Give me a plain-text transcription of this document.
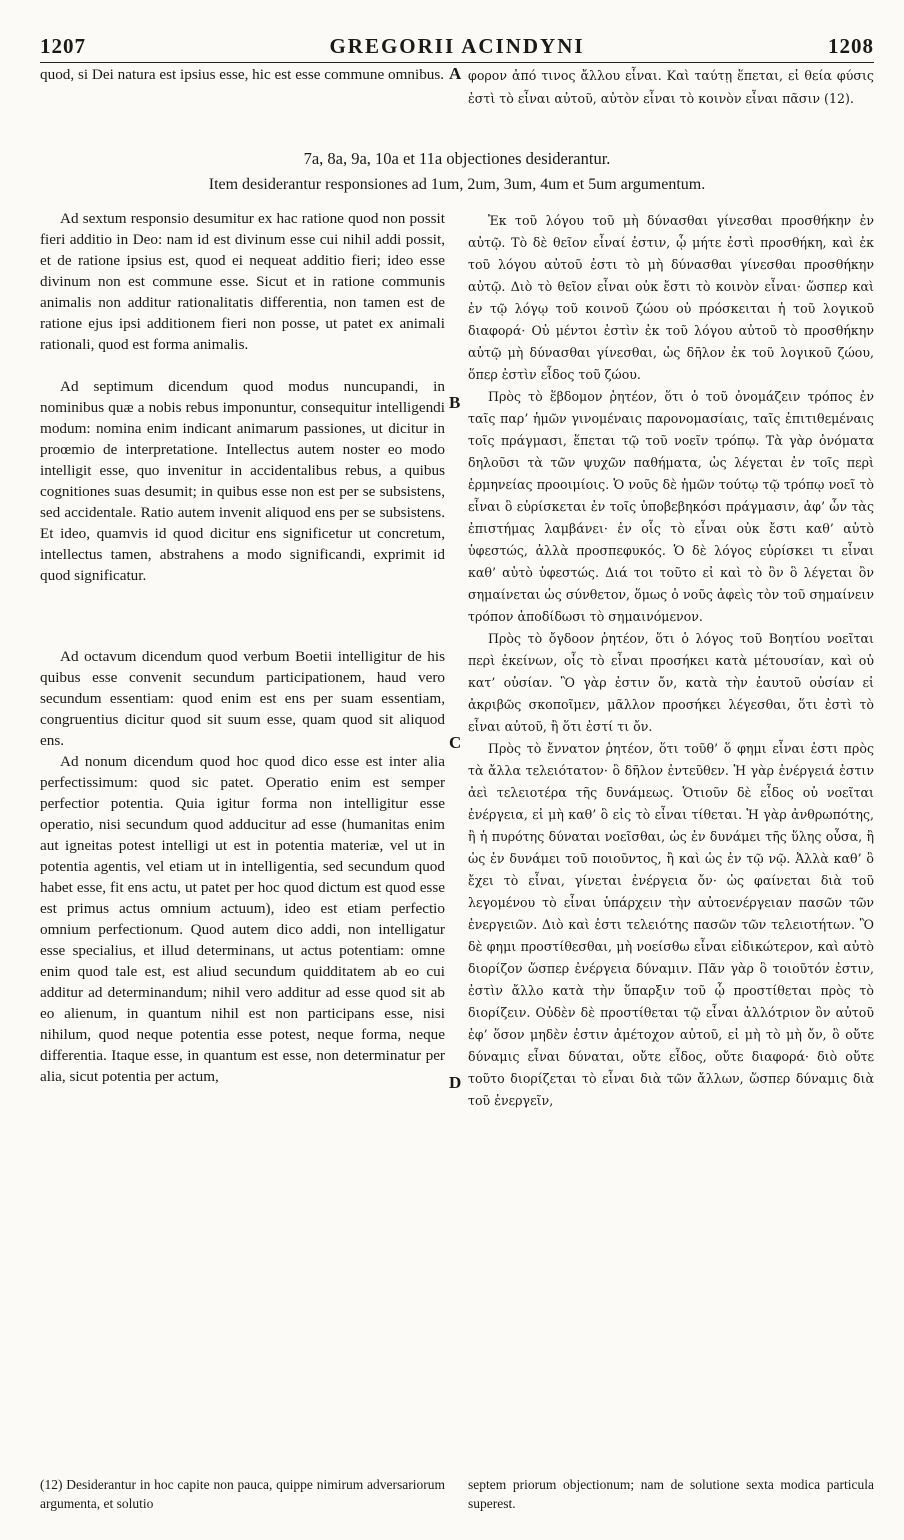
1207	GREGORII ACINDYNI	1208

quod, si Dei natura est ipsius esse, hic est esse commune omnibus. φορον ἀπό τινος ἄλλου εἶναι. Καὶ ταύτῃ ἕπεται, εἰ θεία φύσις ἐστὶ τὸ εἶναι αὐτοῦ, αὐτὸν εἶναι τὸ κοινὸν εἶναι πᾶσιν (12).

A
7a, 8a, 9a, 10a et 11a objectiones desiderantur.
Item desiderantur responsiones ad 1um, 2um, 3um, 4um et 5um argumentum.

Ad sextum responsio desumitur ex hac ratione quod non possit fieri additio in Deo: nam id est divinum esse cui nihil addi possit, et de ratione ipsius est, quod ei nequeat additio fieri; ideo esse divinum non est commune esse. Sicut et in ratione communis animalis non additur rationalitatis differentia, non tamen est de ratione ejus ipsi additionem fieri non posse, ut patet ex animali rationali, quod est forma animalis.

Ad septimum dicendum quod modus nuncupandi, in nominibus quæ a nobis rebus imponuntur, consequitur intelligendi modum: nomina enim indicant animarum passiones, ut dicitur in proœmio de interpretatione. Intellectus autem noster eo modo intelligit esse, quo invenitur in accidentalibus rebus, a quibus cognitiones suas desumit; in quibus esse non est per se subsistens, sed accidentale. Ratio autem invenit aliquod ens per se subsistens. Et ideo, quamvis id quod dicitur ens significetur ut concretum, intellectus tamen, abstrahens a modo significandi, exprimit id quod significatur.

Ad octavum dicendum quod verbum Boetii intelligitur de his quibus esse convenit secundum participationem, haud vero secundum essentiam: quod enim est ens per suam essentiam, congruentius dicitur quod sit suum esse, quam quod sit aliquod ens.

Ad nonum dicendum quod hoc quod dico esse est inter alia perfectissimum: quod sic patet. Operatio enim est semper perfectior potentia. Quia igitur forma non intelligitur esse operatio, nisi secundum quod adducitur ad esse (humanitas enim aut igneitas potest intelligi ut est in potentia materiæ, vel ut in potentia agentis, vel etiam ut in intelligentia, sed secundum quod habet esse, fit ens actu, ut patet per hoc quod dictum est quod esse est primus actus omnium actuum), ideo est etiam perfectio omnium perfectionum. Quod autem dico addi, non intelligatur esse specialius, et illud determinans, ut actus potentiam: omne enim quod tale est, est aliud secundum quidditatem ab eo cui additur ad determinandum; nihil vero additur ad esse quod sit ab eo alienum, in quantum nihil est non participans esse, nisi nihilum, quod neque potentia esse potest, neque forma, neque differentia. Itaque esse, in quantum est esse, non determinatur per alia, sicut potentia per actum,

Ἐκ τοῦ λόγου τοῦ μὴ δύνασθαι γίνεσθαι προσθήκην ἐν αὐτῷ. Τὸ δὲ θεῖον εἶναί ἐστιν, ᾧ μήτε ἐστὶ προσθήκη, καὶ ἐκ τοῦ λόγου αὐτοῦ ἐστι τὸ μὴ δύνασθαι γίνεσθαι προσθήκην αὐτῷ. Διὸ τὸ θεῖον εἶναι οὐκ ἔστι τὸ κοινὸν εἶναι· ὥσπερ καὶ ἐν τῷ λόγῳ τοῦ κοινοῦ ζώου οὐ πρόσκειται ἡ τοῦ λογικοῦ διαφορά· Οὐ μέντοι ἐστὶν ἐκ τοῦ λόγου αὐτοῦ τὸ προσθήκην αὐτῷ μὴ δύνασθαι γίνεσθαι, ὡς δῆλον ἐκ τοῦ λογικοῦ ζώου, ὅπερ ἐστὶν εἶδος τοῦ ζώου.

Πρὸς τὸ ἕβδομον ῥητέον, ὅτι ὁ τοῦ ὀνομάζειν τρόπος ἐν ταῖς παρ’ ἡμῶν γινομέναις παρονομασίαις, ταῖς ἐπιτιθεμέναις τοῖς πράγμασι, ἕπεται τῷ τοῦ νοεῖν τρόπῳ. Τὰ γὰρ ὀνόματα δηλοῦσι τὰ τῶν ψυχῶν παθήματα, ὡς λέγεται ἐν τοῖς περὶ ἑρμηνείας προοιμίοις. Ὁ νοῦς δὲ ἡμῶν τούτῳ τῷ τρόπῳ νοεῖ τὸ εἶναι ὃ εὑρίσκεται ἐν τοῖς ὑποβεβηκόσι πράγμασιν, ἀφ’ ὧν τὰς ἐπιστήμας λαμβάνει· ἐν οἷς τὸ εἶναι οὐκ ἔστι καθ’ αὑτὸ ὑφεστώς, ἀλλὰ προσπεφυκός. Ὁ δὲ λόγος εὑρίσκει τι εἶναι καθ’ αὑτὸ ὑφεστώς. Διά τοι τοῦτο εἰ καὶ τὸ ὂν ὃ λέγεται ὂν σημαίνεται ὡς σύνθετον, ὅμως ὁ νοῦς ἀφεὶς τὸν τοῦ σημαίνειν τρόπον ἀποδίδωσι τὸ σημαινόμενον.

Πρὸς τὸ ὄγδοον ῥητέον, ὅτι ὁ λόγος τοῦ Βοητίου νοεῖται περὶ ἐκείνων, οἷς τὸ εἶναι προσήκει κατὰ μέτουσίαν, καὶ οὐ κατ’ οὐσίαν. Ὃ γὰρ ἐστιν ὄν, κατὰ τὴν ἑαυτοῦ οὐσίαν εἰ ἀκριβῶς σκοποῖμεν, μᾶλλον προσήκει λέγεσθαι, ὅτι ἐστὶ τὸ εἶναι αὐτοῦ, ἢ ὅτι ἐστί τι ὄν.

Πρὸς τὸ ἔννατον ῥητέον, ὅτι τοῦθ’ ὅ φημι εἶναι ἐστι πρὸς τὰ ἄλλα τελειότατον· ὃ δῆλον ἐντεῦθεν. Ἡ γὰρ ἐνέργειά ἐστιν ἀεὶ τελειοτέρα τῆς δυνάμεως. Ὁτιοῦν δὲ εἶδος οὐ νοεῖται ἐνέργεια, εἰ μὴ καθ’ ὃ εἰς τὸ εἶναι τίθεται. Ἡ γὰρ ἀνθρωπότης, ἢ ἡ πυρότης δύναται νοεῖσθαι, ὡς ἐν δυνάμει τῆς ὕλης οὖσα, ἢ ὡς ἐν δυνάμει τοῦ ποιοῦντος, ἢ καὶ ὡς ἐν τῷ νῷ. Ἀλλὰ καθ’ ὃ ἔχει τὸ εἶναι, γίνεται ἐνέργεια ὄν· ὡς φαίνεται διὰ τοῦ λεγομένου τὸ εἶναι ὑπάρχειν τὴν αὐτοενέργειαν πασῶν τῶν ἐνεργειῶν. Διὸ καὶ ἐστι τελειότης πασῶν τῶν τελειοτήτων. Ὃ δὲ φημι προστίθεσθαι, μὴ νοείσθω εἶναι εἰδικώτερον, καὶ αὐτὸ διορίζον ὥσπερ ἐνέργεια δύναμιν. Πᾶν γὰρ ὃ τοιοῦτόν ἐστιν, ἐστὶν ἄλλο κατὰ τὴν ὕπαρξιν τοῦ ᾧ προστίθεται πρὸς τὸ διορίζειν. Οὐδὲν δὲ προστίθεται τῷ εἶναι ἀλλότριον ὂν αὐτοῦ ἐφ’ ὅσον μηδὲν ἐστιν ἀμέτοχον αὐτοῦ, εἰ μὴ τὸ μὴ ὄν, ὃ οὔτε δύναμις εἶναι δύναται, οὔτε εἶδος, οὔτε διαφορά· διὸ οὔτε τοῦτο διορίζεται τὸ εἶναι διὰ τῶν ἄλλων, ὥσπερ δύναμις διὰ τοῦ ἐνεργεῖν,

B
C
D
(12) Desiderantur in hoc capite non pauca, quippe nimirum adversariorum argumenta, et solutio
septem priorum objectionum; nam de solutione sexta modica particula superest.
